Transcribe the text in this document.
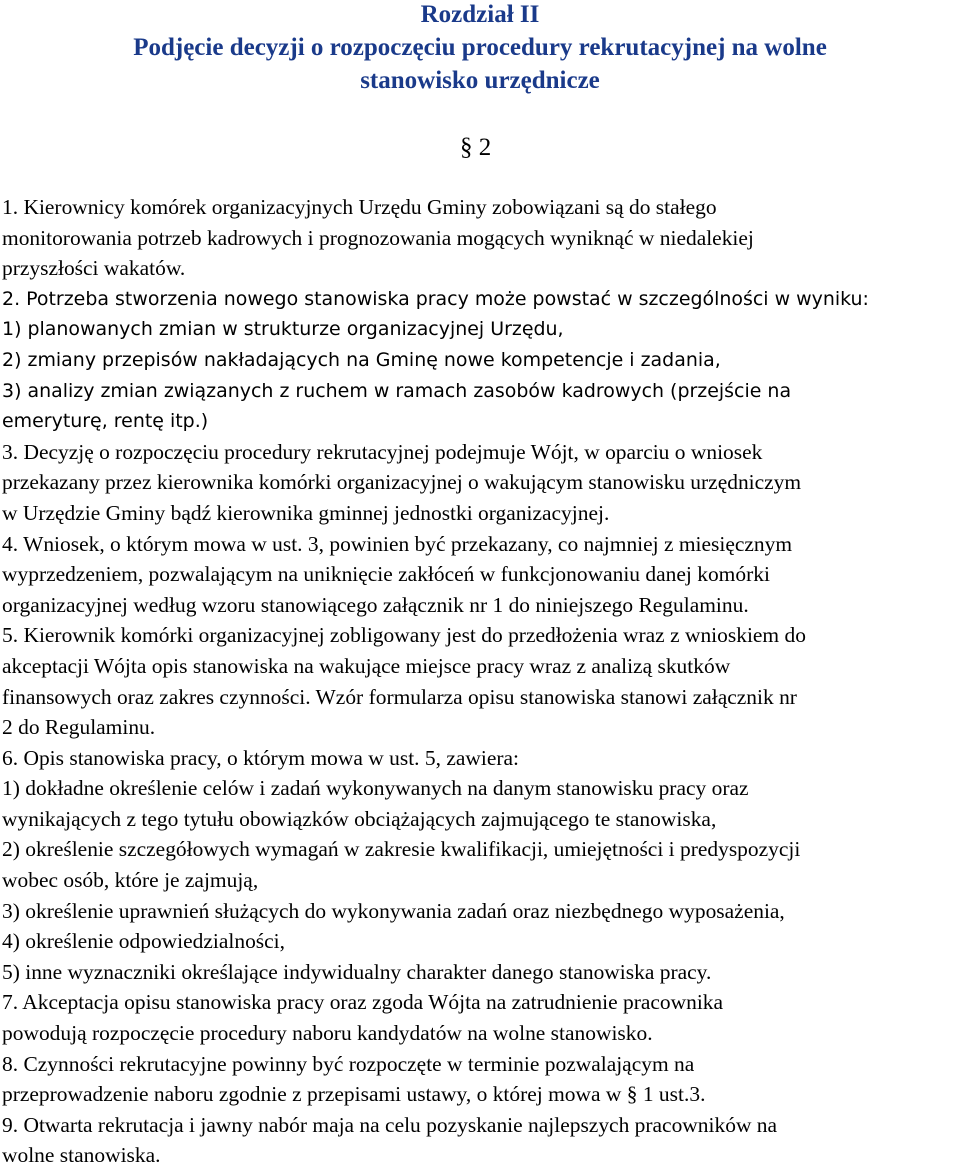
Rozdział II
Podjęcie decyzji o rozpoczęciu procedury rekrutacyjnej na wolne
stanowisko urzędnicze
§ 2
1. Kierownicy komórek organizacyjnych Urzędu Gminy zobowiązani są do stałego
monitorowania potrzeb kadrowych i prognozowania mogących wyniknąć w niedalekiej
przyszłości wakatów.
2. Potrzeba stworzenia nowego stanowiska pracy może powstać w szczególności w wyniku:
1) planowanych zmian w strukturze organizacyjnej Urzędu,
2) zmiany przepisów nakładających na Gminę nowe kompetencje i zadania,
3) analizy zmian związanych z ruchem w ramach zasobów kadrowych (przejście na
emeryturę, rentę itp.)
3. Decyzję o rozpoczęciu procedury rekrutacyjnej podejmuje Wójt, w oparciu o wniosek
przekazany przez kierownika komórki organizacyjnej o wakującym stanowisku urzędniczym
w Urzędzie Gminy bądź kierownika gminnej jednostki organizacyjnej.
4. Wniosek, o którym mowa w ust. 3, powinien być przekazany, co najmniej z miesięcznym
wyprzedzeniem, pozwalającym na uniknięcie zakłóceń w funkcjonowaniu danej komórki
organizacyjnej według wzoru stanowiącego załącznik nr 1 do niniejszego Regulaminu.
5. Kierownik komórki organizacyjnej zobligowany jest do przedłożenia wraz z wnioskiem do
akceptacji Wójta opis stanowiska na wakujące miejsce pracy wraz z analizą skutków
finansowych oraz zakres czynności. Wzór formularza opisu stanowiska stanowi załącznik nr
2 do Regulaminu.
6. Opis stanowiska pracy, o którym mowa w ust. 5, zawiera:
1) dokładne określenie celów i zadań wykonywanych na danym stanowisku pracy oraz
wynikających z tego tytułu obowiązków obciążających zajmującego te stanowiska,
2) określenie szczegółowych wymagań w zakresie kwalifikacji, umiejętności i predyspozycji
wobec osób, które je zajmują,
3) określenie uprawnień służących do wykonywania zadań oraz niezbędnego wyposażenia,
4) określenie odpowiedzialności,
5) inne wyznaczniki określające indywidualny charakter danego stanowiska pracy.
7. Akceptacja opisu stanowiska pracy oraz zgoda Wójta na zatrudnienie pracownika
powodują rozpoczęcie procedury naboru kandydatów na wolne stanowisko.
8. Czynności rekrutacyjne powinny być rozpoczęte w terminie pozwalającym na
przeprowadzenie naboru zgodnie z przepisami ustawy, o której mowa w § 1 ust.3.
9. Otwarta rekrutacja i jawny nabór maja na celu pozyskanie najlepszych pracowników na
wolne stanowiska.
